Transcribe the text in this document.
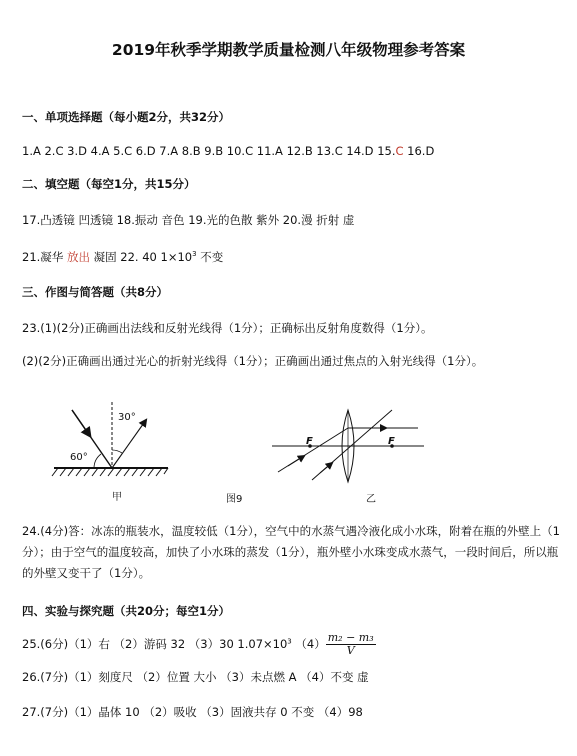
2019年秋季学期教学质量检测八年级物理参考答案
一、单项选择题（每小题2分，共32分）
1.A 2.C 3.D 4.A 5.C 6.D 7.A 8.B 9.B 10.C 11.A 12.B 13.C 14.D 15.C 16.D
二、填空题（每空1分，共15分）
17.凸透镜 凹透镜 18.振动 音色 19.光的色散 紫外 20.漫 折射 虚
21.凝华 放出 凝固 22. 40 $1\times 10^3$ 不变
三、作图与简答题（共8分）
23.(1)(2分)正确画出法线和反射光线得（1分）；正确标出反射角度数得（1分）。
(2)(2分)正确画出通过光心的折射光线得（1分）；正确画出通过焦点的入射光线得（1分）。
30°
60°
甲	图9
F	F
乙
24.(4分)答：冰冻的瓶装水，温度较低（1分），空气中的水蒸气遇冷液化成小水珠，附着在瓶的外壁上（1分）；由于空气的温度较高，加快了小水珠的蒸发（1分），瓶外壁小水珠变成水蒸气，一段时间后，所以瓶的外壁又变干了（1分）。
四、实验与探究题（共20分；每空1分）
25.(6分)（1）右 （2）游码 32 （3）30 $1.07\times 10^3$ $(4) \frac{\text{m₂ − m₃}}{V}$
26.(7分)（1）刻度尺 （2）位置 大小 （3）未点燃 A （4）不变 虚
27.(7分)（1）晶体 10 （2）吸收 （3）固液共存 0 不变 （4）98
